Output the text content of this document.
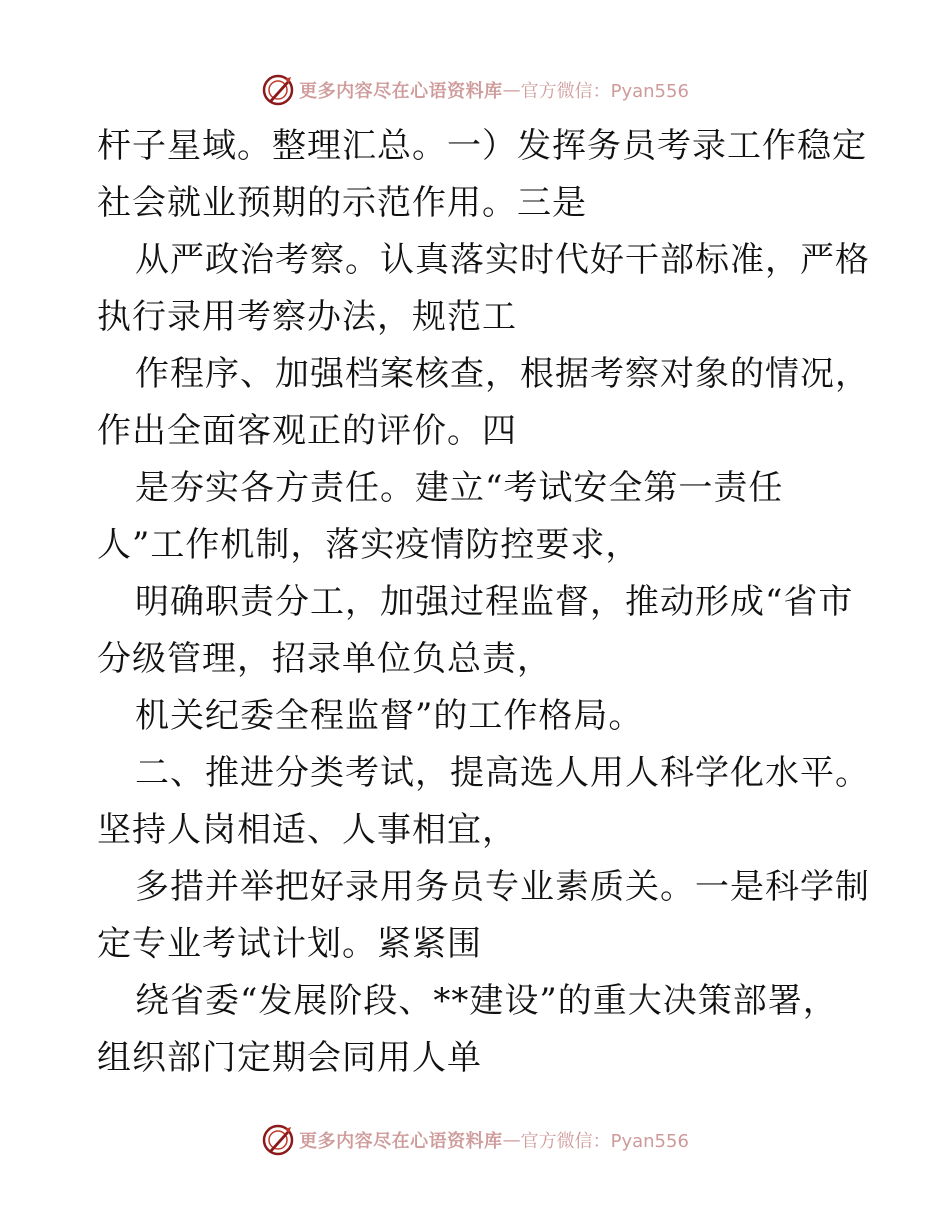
更多内容尽在心语资料库 — 官方微信：Pyan556
杆子星域。整理汇总。一）发挥务员考录工作稳定
社会就业预期的示范作用。三是
从严政治考察。认真落实时代好干部标准，严格
执行录用考察办法，规范工
作程序、加强档案核查，根据考察对象的情况，
作出全面客观正的评价。四
是夯实各方责任。建立“考试安全第一责任
人”工作机制，落实疫情防控要求，
明确职责分工，加强过程监督，推动形成“省市
分级管理，招录单位负总责，
机关纪委全程监督”的工作格局。
二、推进分类考试，提高选人用人科学化水平。
坚持人岗相适、人事相宜，
多措并举把好录用务员专业素质关。一是科学制
定专业考试计划。紧紧围
绕省委“发展阶段、**建设”的重大决策部署，
组织部门定期会同用人单
更多内容尽在心语资料库 — 官方微信：Pyan556
